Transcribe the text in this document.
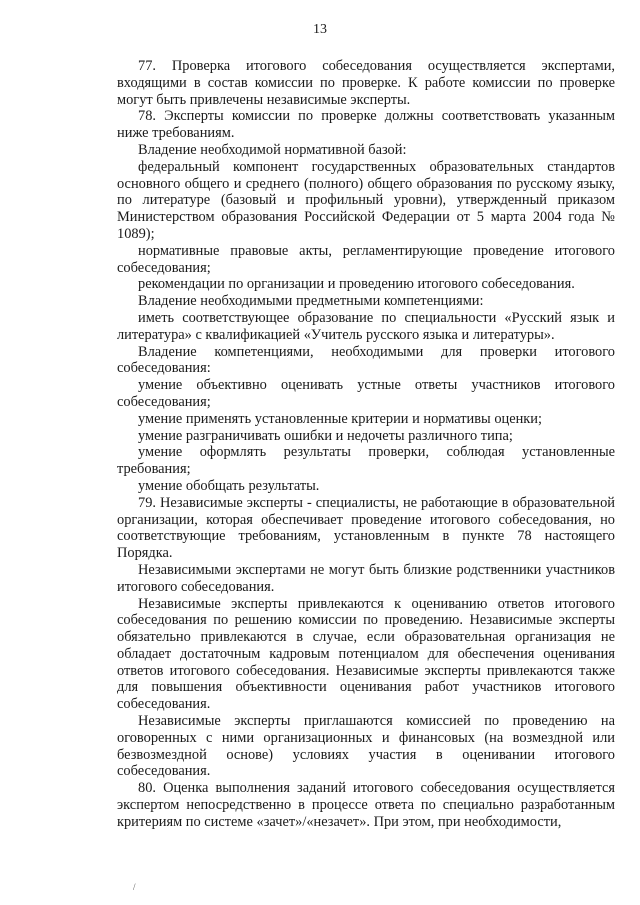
13

77. Проверка итогового собеседования осуществляется экспертами, входящими в состав комиссии по проверке. К работе комиссии по проверке могут быть привлечены независимые эксперты.

78. Эксперты комиссии по проверке должны соответствовать указанным ниже требованиям.

Владение необходимой нормативной базой:

федеральный компонент государственных образовательных стандартов основного общего и среднего (полного) общего образования по русскому языку, по литературе (базовый и профильный уровни), утвержденный приказом Министерством образования Российской Федерации от 5 марта 2004 года № 1089);

нормативные правовые акты, регламентирующие проведение итогового собеседования;

рекомендации по организации и проведению итогового собеседования.

Владение необходимыми предметными компетенциями:

иметь соответствующее образование по специальности «Русский язык и литература» с квалификацией «Учитель русского языка и литературы».

Владение компетенциями, необходимыми для проверки итогового собеседования:

умение объективно оценивать устные ответы участников итогового собеседования;

умение применять установленные критерии и нормативы оценки;

умение разграничивать ошибки и недочеты различного типа;

умение оформлять результаты проверки, соблюдая установленные требования;

умение обобщать результаты.

79. Независимые эксперты - специалисты, не работающие в образовательной организации, которая обеспечивает проведение итогового собеседования, но соответствующие требованиям, установленным в пункте 78 настоящего Порядка.

Независимыми экспертами не могут быть близкие родственники участников итогового собеседования.

Независимые эксперты привлекаются к оцениванию ответов итогового собеседования по решению комиссии по проведению. Независимые эксперты обязательно привлекаются в случае, если образовательная организация не обладает достаточным кадровым потенциалом для обеспечения оценивания ответов итогового собеседования. Независимые эксперты привлекаются также для повышения объективности оценивания работ участников итогового собеседования.

Независимые эксперты приглашаются комиссией по проведению на оговоренных с ними организационных и финансовых (на возмездной или безвозмездной основе) условиях участия в оценивании итогового собеседования.

80. Оценка выполнения заданий итогового собеседования осуществляется экспертом непосредственно в процессе ответа по специально разработанным критериям по системе «зачет»/«незачет». При этом, при необходимости,

/
